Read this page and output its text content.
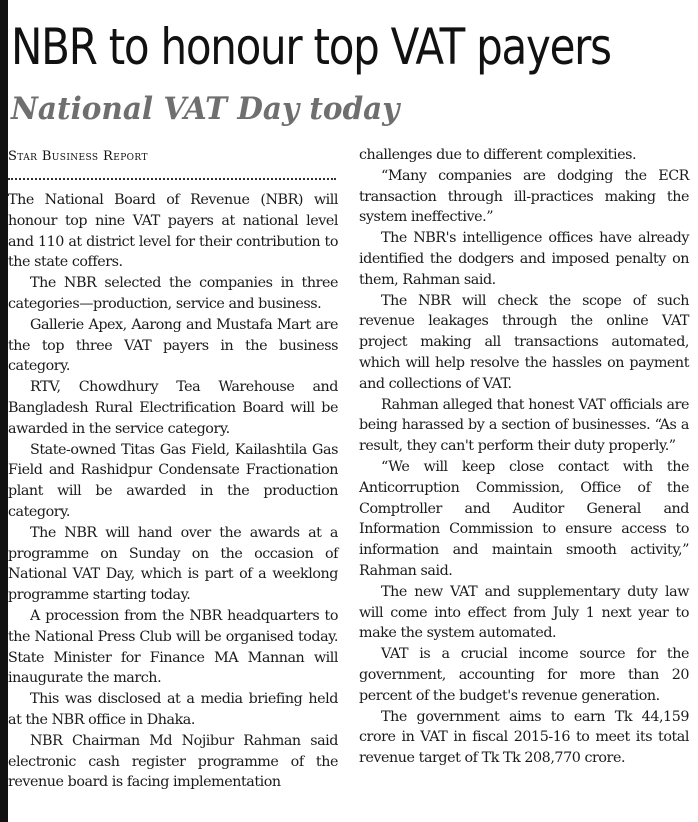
NBR to honour top VAT payers
National VAT Day today
Star Business Report

The National Board of Revenue (NBR) will honour top nine VAT payers at national level and 110 at district level for their contribution to the state coffers.

The NBR selected the companies in three categories—production, service and business.

Gallerie Apex, Aarong and Mustafa Mart are the top three VAT payers in the business category.

RTV, Chowdhury Tea Warehouse and Bangladesh Rural Electrification Board will be awarded in the service category.

State-owned Titas Gas Field, Kailashtila Gas Field and Rashidpur Condensate Fractionation plant will be awarded in the production category.

The NBR will hand over the awards at a programme on Sunday on the occasion of National VAT Day, which is part of a weeklong programme starting today.

A procession from the NBR headquarters to the National Press Club will be organised today. State Minister for Finance MA Mannan will inaugurate the march.

This was disclosed at a media briefing held at the NBR office in Dhaka.

NBR Chairman Md Nojibur Rahman said electronic cash register programme of the revenue board is facing implementation

challenges due to different complexities.

“Many companies are dodging the ECR transaction through ill-practices making the system ineffective.”

The NBR's intelligence offices have already identified the dodgers and imposed penalty on them, Rahman said.

The NBR will check the scope of such revenue leakages through the online VAT project making all transactions automated, which will help resolve the hassles on payment and collections of VAT.

Rahman alleged that honest VAT officials are being harassed by a section of businesses. “As a result, they can't perform their duty properly.”

“We will keep close contact with the Anticorruption Commission, Office of the Comptroller and Auditor General and Information Commission to ensure access to information and maintain smooth activity,” Rahman said.

The new VAT and supplementary duty law will come into effect from July 1 next year to make the system automated.

VAT is a crucial income source for the government, accounting for more than 20 percent of the budget's revenue generation.

The government aims to earn Tk 44,159 crore in VAT in fiscal 2015-16 to meet its total revenue target of Tk Tk 208,770 crore.
